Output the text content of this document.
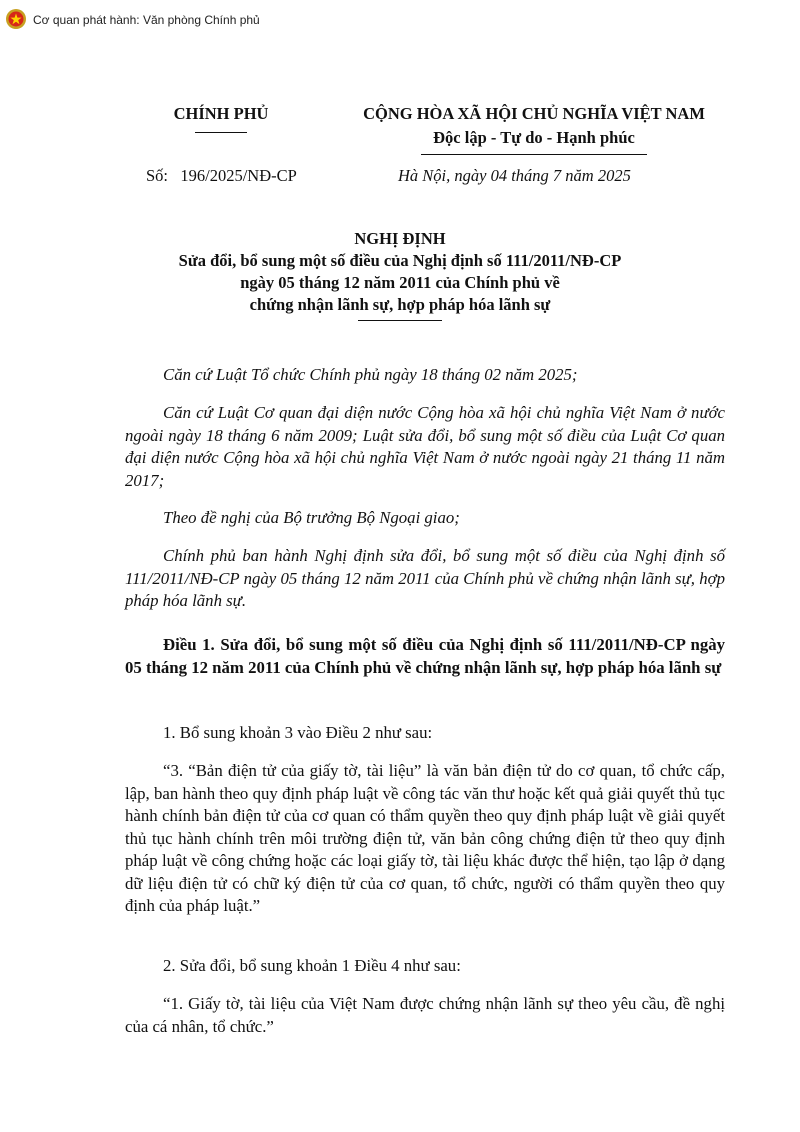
Cơ quan phát hành: Văn phòng Chính phủ
CHÍNH PHỦ	CỘNG HÒA XÃ HỘI CHỦ NGHĨA VIỆT NAM
Độc lập - Tự do - Hạnh phúc
Số:   196/2025/NĐ-CP	Hà Nội, ngày 04 tháng 7 năm 2025
NGHỊ ĐỊNH
Sửa đổi, bổ sung một số điều của Nghị định số 111/2011/NĐ-CP
ngày 05 tháng 12 năm 2011 của Chính phủ về
chứng nhận lãnh sự, hợp pháp hóa lãnh sự

Căn cứ Luật Tổ chức Chính phủ ngày 18 tháng 02 năm 2025;

Căn cứ Luật Cơ quan đại diện nước Cộng hòa xã hội chủ nghĩa Việt Nam ở nước ngoài ngày 18 tháng 6 năm 2009; Luật sửa đổi, bổ sung một số điều của Luật Cơ quan đại diện nước Cộng hòa xã hội chủ nghĩa Việt Nam ở nước ngoài ngày 21 tháng 11 năm 2017;

Theo đề nghị của Bộ trưởng Bộ Ngoại giao;

Chính phủ ban hành Nghị định sửa đổi, bổ sung một số điều của Nghị định số 111/2011/NĐ-CP ngày 05 tháng 12 năm 2011 của Chính phủ về chứng nhận lãnh sự, hợp pháp hóa lãnh sự.

Điều 1. Sửa đổi, bổ sung một số điều của Nghị định số 111/2011/NĐ-CP ngày 05 tháng 12 năm 2011 của Chính phủ về chứng nhận lãnh sự, hợp pháp hóa lãnh sự

1. Bổ sung khoản 3 vào Điều 2 như sau:

“3. “Bản điện tử của giấy tờ, tài liệu” là văn bản điện tử do cơ quan, tổ chức cấp, lập, ban hành theo quy định pháp luật về công tác văn thư hoặc kết quả giải quyết thủ tục hành chính bản điện tử của cơ quan có thẩm quyền theo quy định pháp luật về giải quyết thủ tục hành chính trên môi trường điện tử, văn bản công chứng điện tử theo quy định pháp luật về công chứng hoặc các loại giấy tờ, tài liệu khác được thể hiện, tạo lập ở dạng dữ liệu điện tử có chữ ký điện tử của cơ quan, tổ chức, người có thẩm quyền theo quy định của pháp luật.”

2. Sửa đổi, bổ sung khoản 1 Điều 4 như sau:

“1. Giấy tờ, tài liệu của Việt Nam được chứng nhận lãnh sự theo yêu cầu, đề nghị của cá nhân, tổ chức.”
